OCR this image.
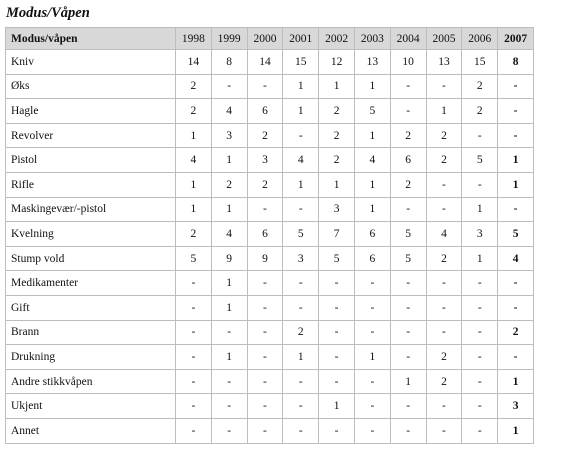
Modus/Våpen
Modus/våpen	1998	1999	2000	2001	2002	2003	2004	2005	2006	2007
Kniv	14	8	14	15	12	13	10	13	15	8
Øks	2	-	-	1	1	1	-	-	2	-
Hagle	2	4	6	1	2	5	-	1	2	-
Revolver	1	3	2	-	2	1	2	2	-	-
Pistol	4	1	3	4	2	4	6	2	5	1
Rifle	1	2	2	1	1	1	2	-	-	1
Maskingevær/-pistol	1	1	-	-	3	1	-	-	1	-
Kvelning	2	4	6	5	7	6	5	4	3	5
Stump vold	5	9	9	3	5	6	5	2	1	4
Medikamenter	-	1	-	-	-	-	-	-	-	-
Gift	-	1	-	-	-	-	-	-	-	-
Brann	-	-	-	2	-	-	-	-	-	2
Drukning	-	1	-	1	-	1	-	2	-	-
Andre stikkvåpen	-	-	-	-	-	-	1	2	-	1
Ukjent	-	-	-	-	1	-	-	-	-	3
Annet	-	-	-	-	-	-	-	-	-	1
